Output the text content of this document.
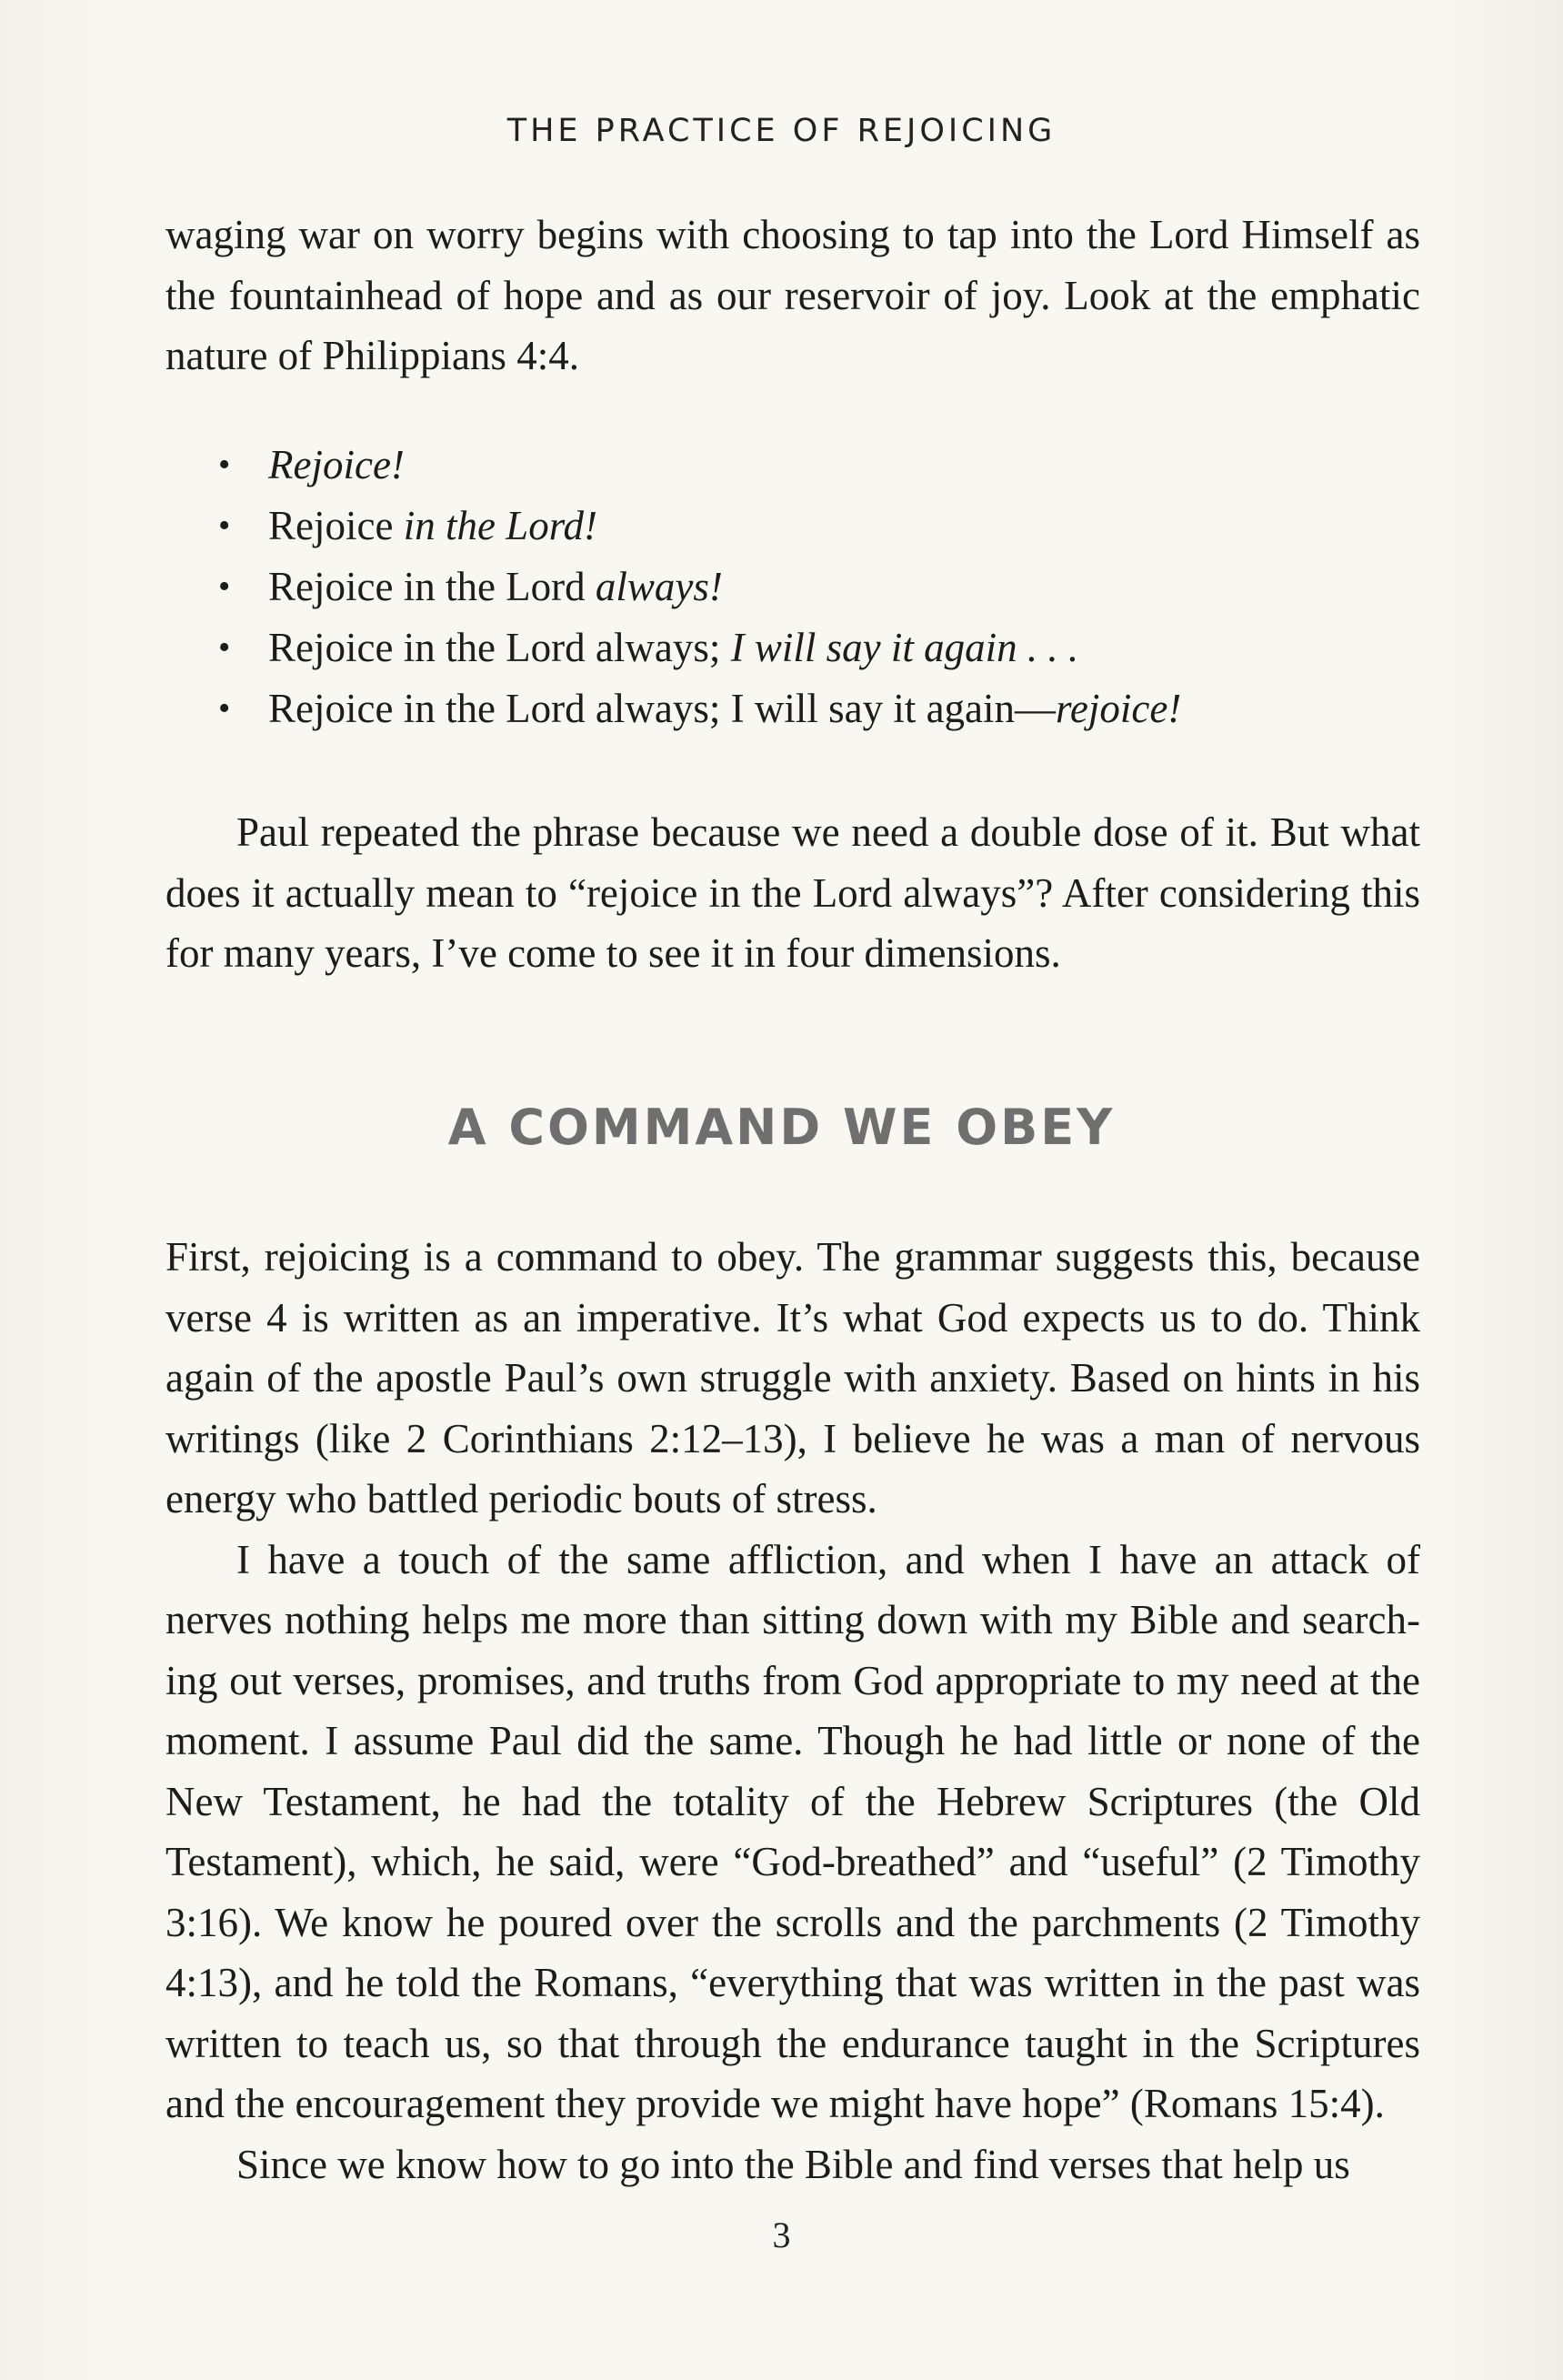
THE PRACTICE OF REJOICING

waging war on worry begins with choosing to tap into the Lord Himself as the fountainhead of hope and as our reservoir of joy. Look at the emphatic nature of Philippians 4:4.

• Rejoice!
• Rejoice in the Lord!
• Rejoice in the Lord always!
• Rejoice in the Lord always; I will say it again . . .
• Rejoice in the Lord always; I will say it again—rejoice!

Paul repeated the phrase because we need a double dose of it. But what does it actually mean to “rejoice in the Lord always”? After considering this for many years, I’ve come to see it in four dimensions.

A COMMAND WE OBEY

First, rejoicing is a command to obey. The grammar suggests this, because verse 4 is written as an imperative. It’s what God expects us to do. Think again of the apostle Paul’s own struggle with anxiety. Based on hints in his writings (like 2 Corinthians 2:12–13), I believe he was a man of nervous energy who battled periodic bouts of stress.

I have a touch of the same affliction, and when I have an attack of nerves nothing helps me more than sitting down with my Bible and searching out verses, promises, and truths from God appropriate to my need at the moment. I assume Paul did the same. Though he had little or none of the New Testament, he had the totality of the Hebrew Scriptures (the Old Testament), which, he said, were “God-breathed” and “useful” (2 Timothy 3:16). We know he poured over the scrolls and the parchments (2 Timothy 4:13), and he told the Romans, “everything that was written in the past was written to teach us, so that through the endurance taught in the Scriptures and the encouragement they provide we might have hope” (Romans 15:4).

Since we know how to go into the Bible and find verses that help us

3
